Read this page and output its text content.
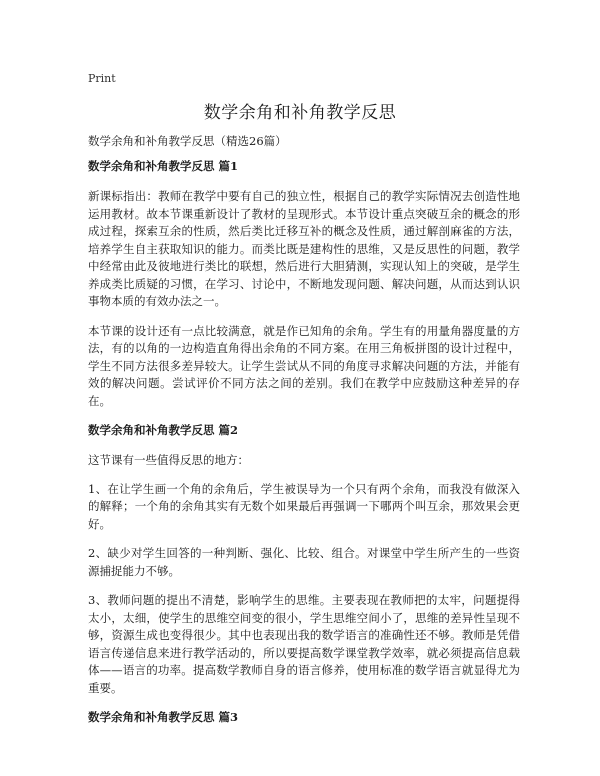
Print
数学余角和补角教学反思
数学余角和补角教学反思（精选26篇）
数学余角和补角教学反思 篇1

新课标指出：教师在教学中要有自己的独立性，根据自己的教学实际情况去创造性地运用教材。故本节课重新设计了教材的呈现形式。本节设计重点突破互余的概念的形成过程，探索互余的性质，然后类比迁移互补的概念及性质，通过解剖麻雀的方法，培养学生自主获取知识的能力。而类比既是建构性的思维，又是反思性的问题，教学中经常由此及彼地进行类比的联想，然后进行大胆猜测，实现认知上的突破，是学生养成类比质疑的习惯，在学习、讨论中，不断地发现问题、解决问题，从而达到认识事物本质的有效办法之一。

本节课的设计还有一点比较满意，就是作已知角的余角。学生有的用量角器度量的方法，有的以角的一边构造直角得出余角的不同方案。在用三角板拼图的设计过程中，学生不同方法很多差异较大。让学生尝试从不同的角度寻求解决问题的方法，并能有效的解决问题。尝试评价不同方法之间的差别。我们在教学中应鼓励这种差异的存在。

数学余角和补角教学反思 篇2

这节课有一些值得反思的地方：

1、在让学生画一个角的余角后，学生被误导为一个只有两个余角，而我没有做深入的解释；一个角的余角其实有无数个如果最后再强调一下哪两个叫互余，那效果会更好。

2、缺少对学生回答的一种判断、强化、比较、组合。对课堂中学生所产生的一些资源捕捉能力不够。

3、教师问题的提出不清楚，影响学生的思维。主要表现在教师把的太牢，问题提得太小，太细，使学生的思维空间变的很小，学生思维空间小了，思维的差异性呈现不够，资源生成也变得很少。其中也表现出我的数学语言的准确性还不够。教师是凭借语言传递信息来进行教学活动的，所以要提高数学课堂教学效率，就必须提高信息载体——语言的功率。提高数学教师自身的语言修养，使用标准的数学语言就显得尤为重要。

数学余角和补角教学反思 篇3
